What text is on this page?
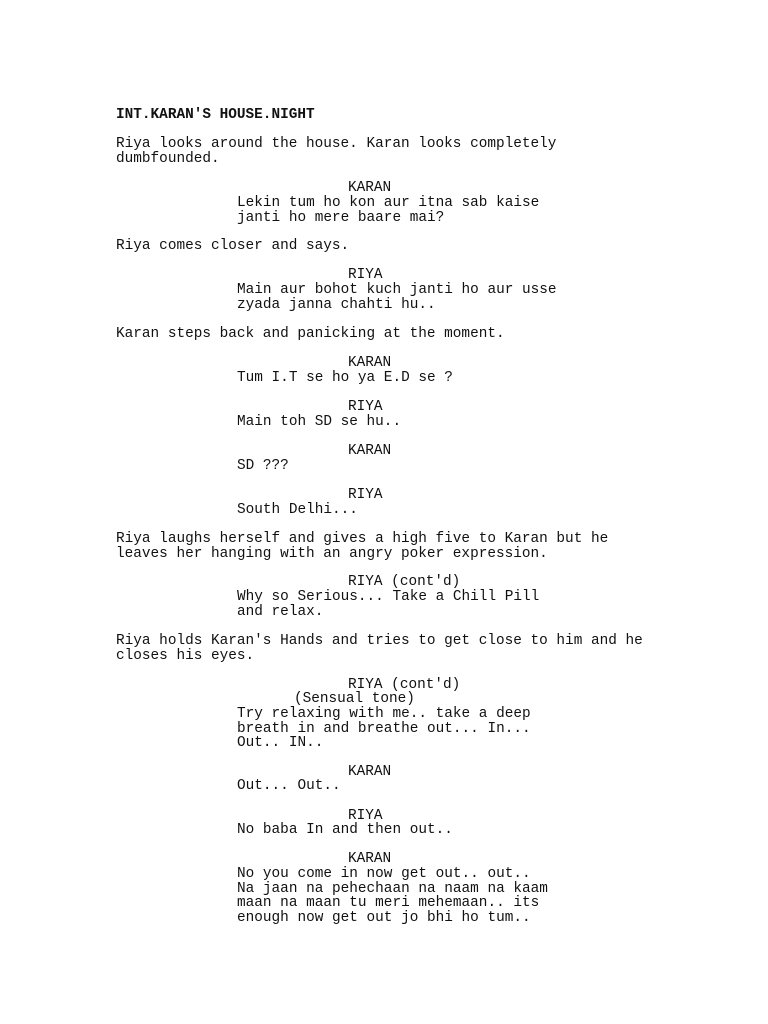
INT.KARAN'S HOUSE.NIGHT
Riya looks around the house. Karan looks completely
dumbfounded.
KARAN
Lekin tum ho kon aur itna sab kaise
janti ho mere baare mai?
Riya comes closer and says.
RIYA
Main aur bohot kuch janti ho aur usse
zyada janna chahti hu..
Karan steps back and panicking at the moment.
KARAN
Tum I.T se ho ya E.D se ?
RIYA
Main toh SD se hu..
KARAN
SD ???
RIYA
South Delhi...
Riya laughs herself and gives a high five to Karan but he
leaves her hanging with an angry poker expression.
RIYA (cont'd)
Why so Serious... Take a Chill Pill
and relax.
Riya holds Karan's Hands and tries to get close to him and he
closes his eyes.
RIYA (cont'd)
(Sensual tone)
Try relaxing with me.. take a deep
breath in and breathe out... In...
Out.. IN..
KARAN
Out... Out..
RIYA
No baba In and then out..
KARAN
No you come in now get out.. out..
Na jaan na pehechaan na naam na kaam
maan na maan tu meri mehemaan.. its
enough now get out jo bhi ho tum..
